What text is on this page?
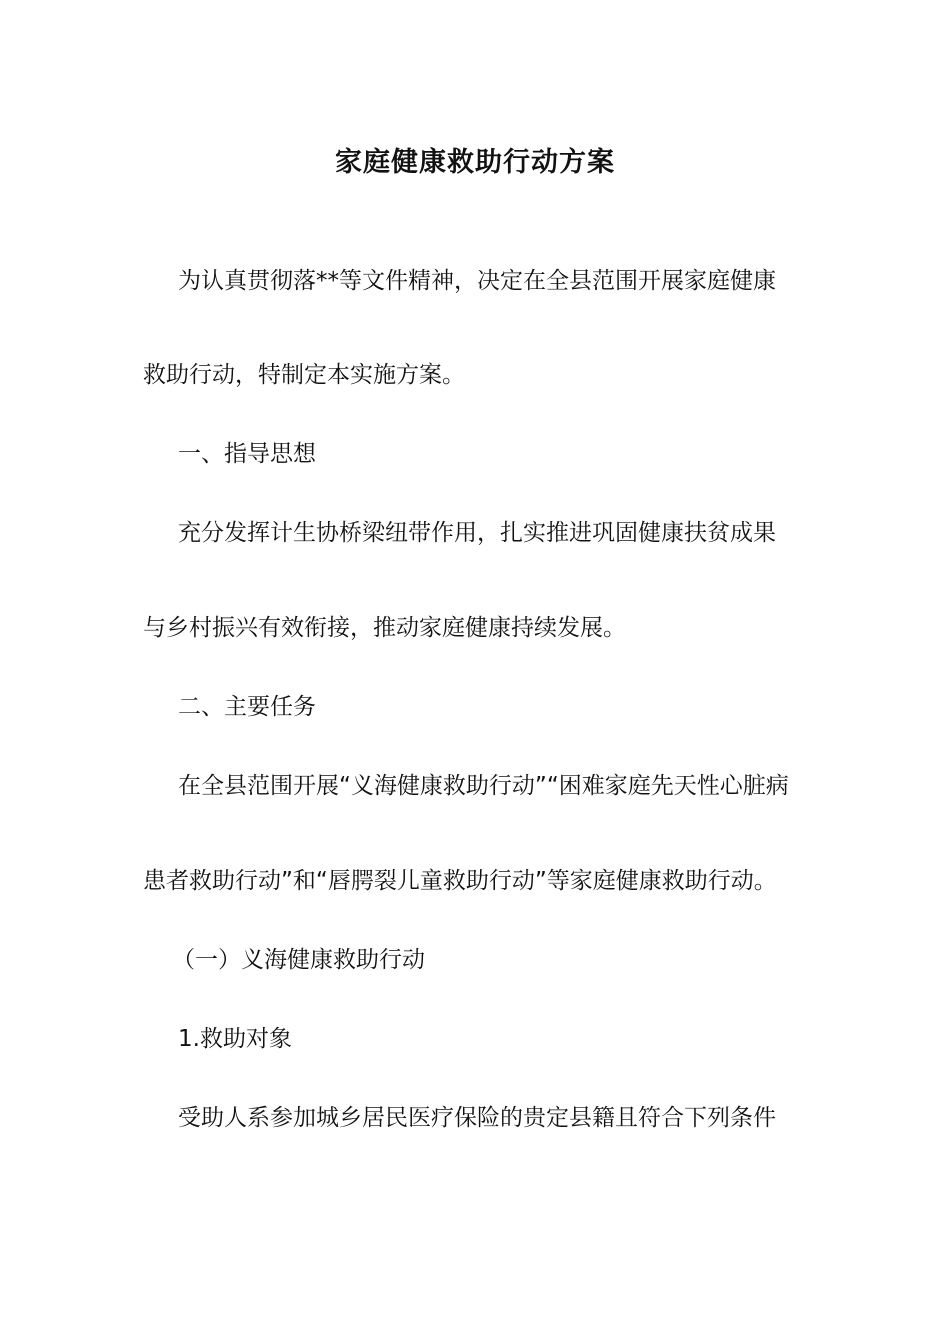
家庭健康救助行动方案
为认真贯彻落**等文件精神，决定在全县范围开展家庭健康
救助行动，特制定本实施方案。
一、指导思想
充分发挥计生协桥梁纽带作用，扎实推进巩固健康扶贫成果
与乡村振兴有效衔接，推动家庭健康持续发展。
二、主要任务
在全县范围开展“义海健康救助行动”“困难家庭先天性心脏病
患者救助行动”和“唇腭裂儿童救助行动”等家庭健康救助行动。
（一）义海健康救助行动
1.救助对象
受助人系参加城乡居民医疗保险的贵定县籍且符合下列条件
